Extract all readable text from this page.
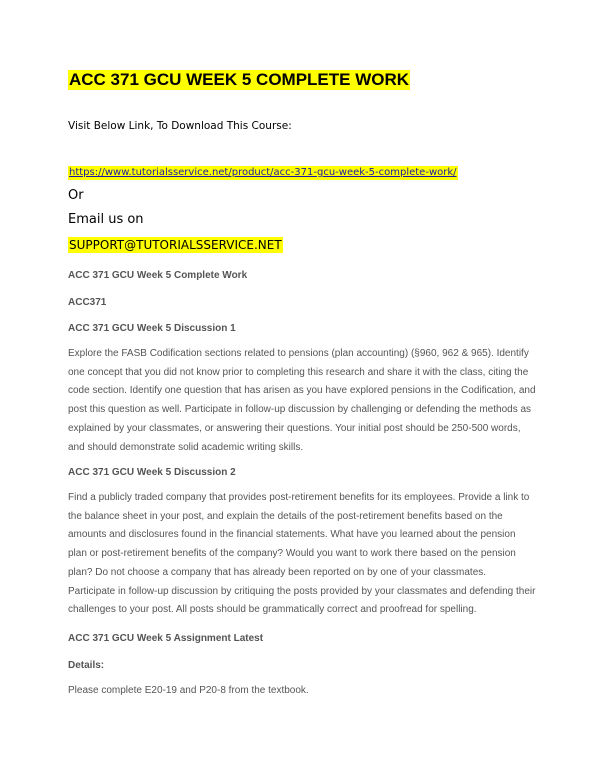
ACC 371 GCU WEEK 5 COMPLETE WORK
Visit Below Link, To Download This Course:
https://www.tutorialsservice.net/product/acc-371-gcu-week-5-complete-work/
Or
Email us on
SUPPORT@TUTORIALSSERVICE.NET
ACC 371 GCU Week 5 Complete Work
ACC371
ACC 371 GCU Week 5 Discussion 1

Explore the FASB Codification sections related to pensions (plan accounting) (§960, 962 & 965). Identify one concept that you did not know prior to completing this research and share it with the class, citing the code section. Identify one question that has arisen as you have explored pensions in the Codification, and post this question as well. Participate in follow-up discussion by challenging or defending the methods as explained by your classmates, or answering their questions. Your initial post should be 250-500 words, and should demonstrate solid academic writing skills.

ACC 371 GCU Week 5 Discussion 2

Find a publicly traded company that provides post-retirement benefits for its employees. Provide a link to the balance sheet in your post, and explain the details of the post-retirement benefits based on the amounts and disclosures found in the financial statements. What have you learned about the pension plan or post-retirement benefits of the company? Would you want to work there based on the pension plan? Do not choose a company that has already been reported on by one of your classmates. Participate in follow-up discussion by critiquing the posts provided by your classmates and defending their challenges to your post. All posts should be grammatically correct and proofread for spelling.

ACC 371 GCU Week 5 Assignment Latest
Details:
Please complete E20-19 and P20-8 from the textbook.
